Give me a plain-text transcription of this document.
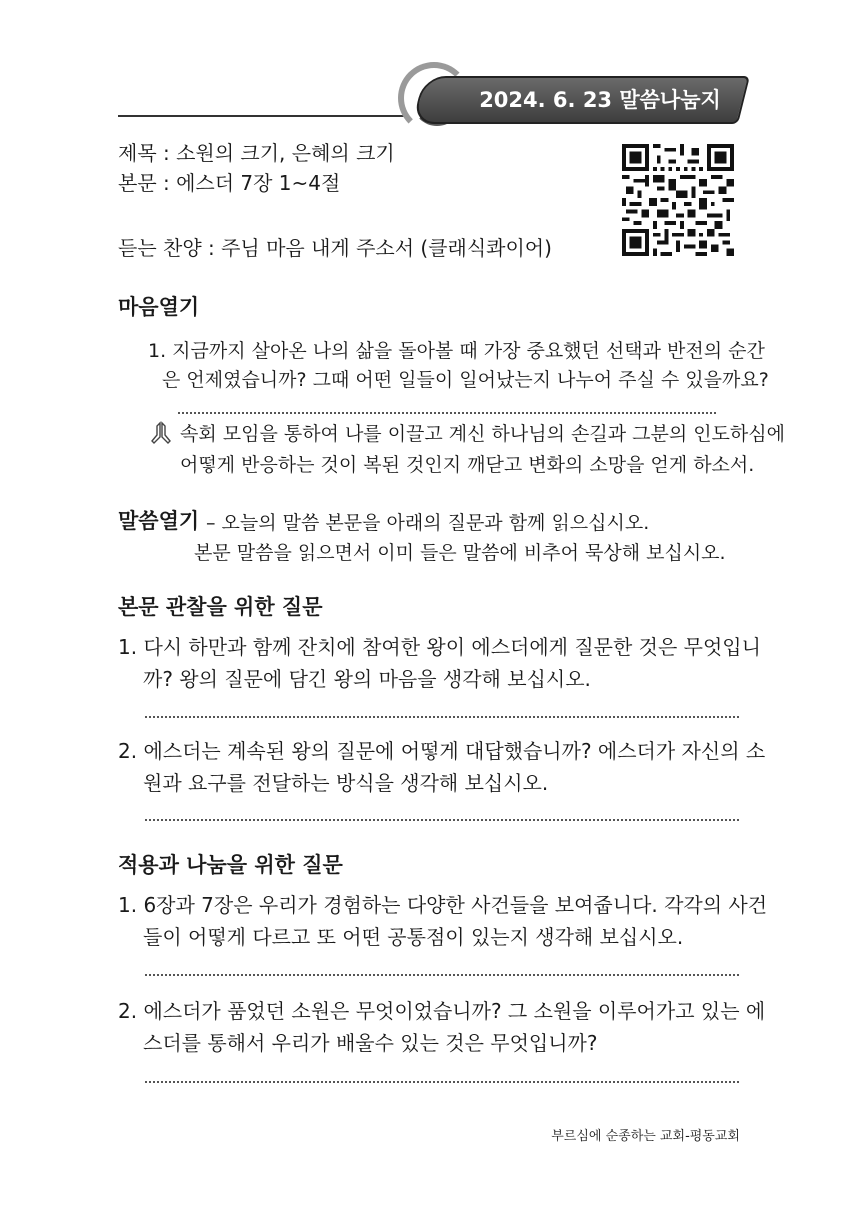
2024. 6. 23 말씀나눔지
제목 : 소원의 크기, 은혜의 크기
본문 : 에스더 7장 1~4절
듣는 찬양 : 주님 마음 내게 주소서 (클래식콰이어)
마음열기
1. 지금까지 살아온 나의 삶을 돌아볼 때 가장 중요했던 선택과 반전의 순간
은 언제였습니까? 그때 어떤 일들이 일어났는지 나누어 주실 수 있을까요?
속회 모임을 통하여 나를 이끌고 계신 하나님의 손길과 그분의 인도하심에
어떻게 반응하는 것이 복된 것인지 깨닫고 변화의 소망을 얻게 하소서.
말씀열기 – 오늘의 말씀 본문을 아래의 질문과 함께 읽으십시오.
본문 말씀을 읽으면서 이미 들은 말씀에 비추어 묵상해 보십시오.
본문 관찰을 위한 질문
1. 다시 하만과 함께 잔치에 참여한 왕이 에스더에게 질문한 것은 무엇입니
까? 왕의 질문에 담긴 왕의 마음을 생각해 보십시오.
2. 에스더는 계속된 왕의 질문에 어떻게 대답했습니까? 에스더가 자신의 소
원과 요구를 전달하는 방식을 생각해 보십시오.
적용과 나눔을 위한 질문
1. 6장과 7장은 우리가 경험하는 다양한 사건들을 보여줍니다. 각각의 사건
들이 어떻게 다르고 또 어떤 공통점이 있는지 생각해 보십시오.
2. 에스더가 품었던 소원은 무엇이었습니까? 그 소원을 이루어가고 있는 에
스더를 통해서 우리가 배울수 있는 것은 무엇입니까?
부르심에 순종하는 교회-평동교회
